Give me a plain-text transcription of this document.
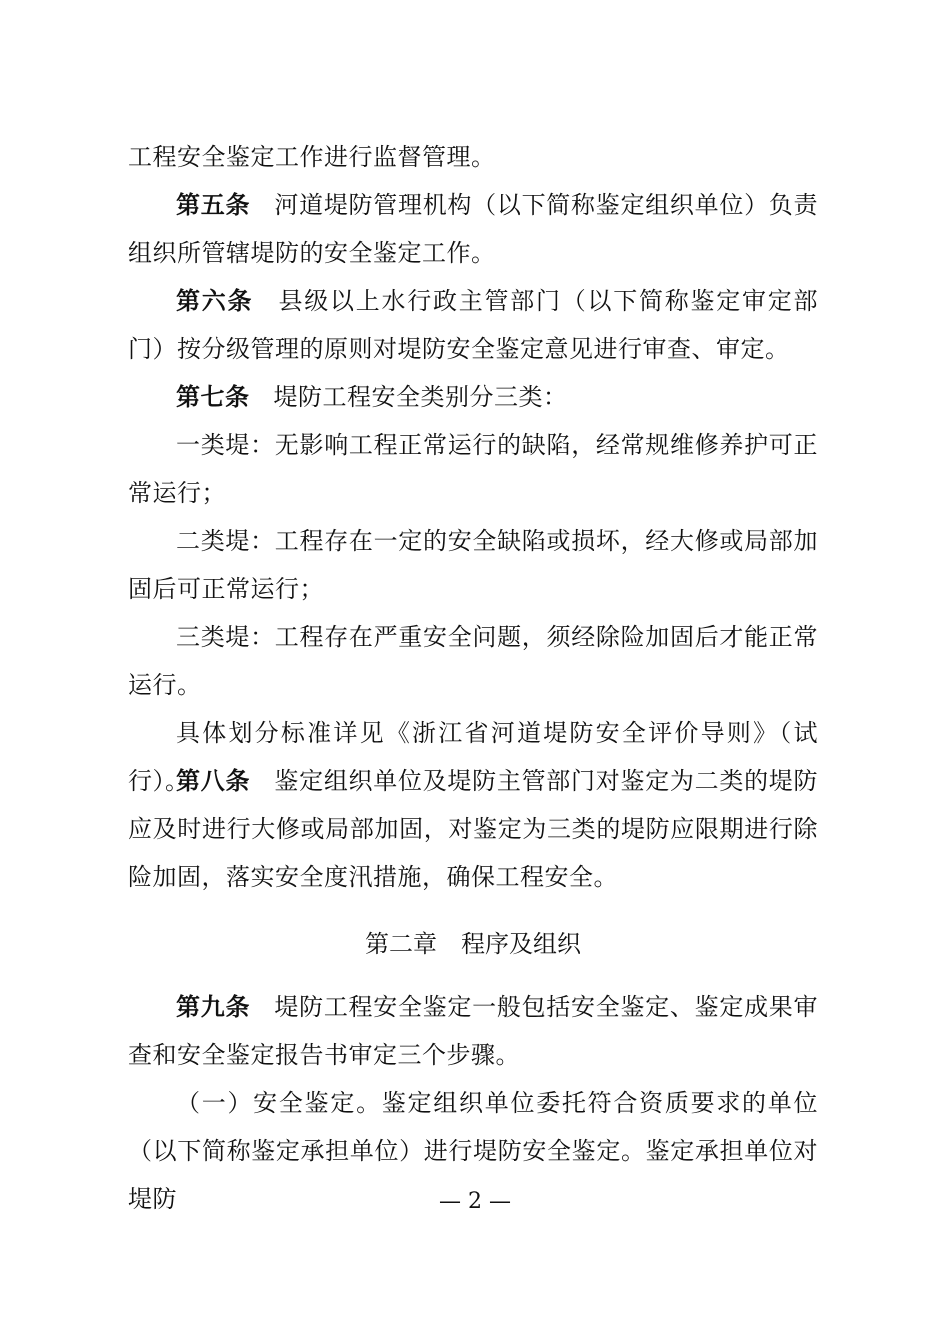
工程安全鉴定工作进行监督管理。

第五条 河道堤防管理机构（以下简称鉴定组织单位）负责组织所管辖堤防的安全鉴定工作。

第六条 县级以上水行政主管部门（以下简称鉴定审定部门）按分级管理的原则对堤防安全鉴定意见进行审查、审定。

第七条 堤防工程安全类别分三类：

一类堤：无影响工程正常运行的缺陷，经常规维修养护可正常运行；

二类堤：工程存在一定的安全缺陷或损坏，经大修或局部加固后可正常运行；

三类堤：工程存在严重安全问题，须经除险加固后才能正常运行。

具体划分标准详见《浙江省河道堤防安全评价导则》（试行）。

第八条 鉴定组织单位及堤防主管部门对鉴定为二类的堤防应及时进行大修或局部加固，对鉴定为三类的堤防应限期进行除险加固，落实安全度汛措施，确保工程安全。

第二章　程序及组织

第九条 堤防工程安全鉴定一般包括安全鉴定、鉴定成果审查和安全鉴定报告书审定三个步骤。

（一）安全鉴定。鉴定组织单位委托符合资质要求的单位（以下简称鉴定承担单位）进行堤防安全鉴定。鉴定承担单位对堤防	— 2 —
